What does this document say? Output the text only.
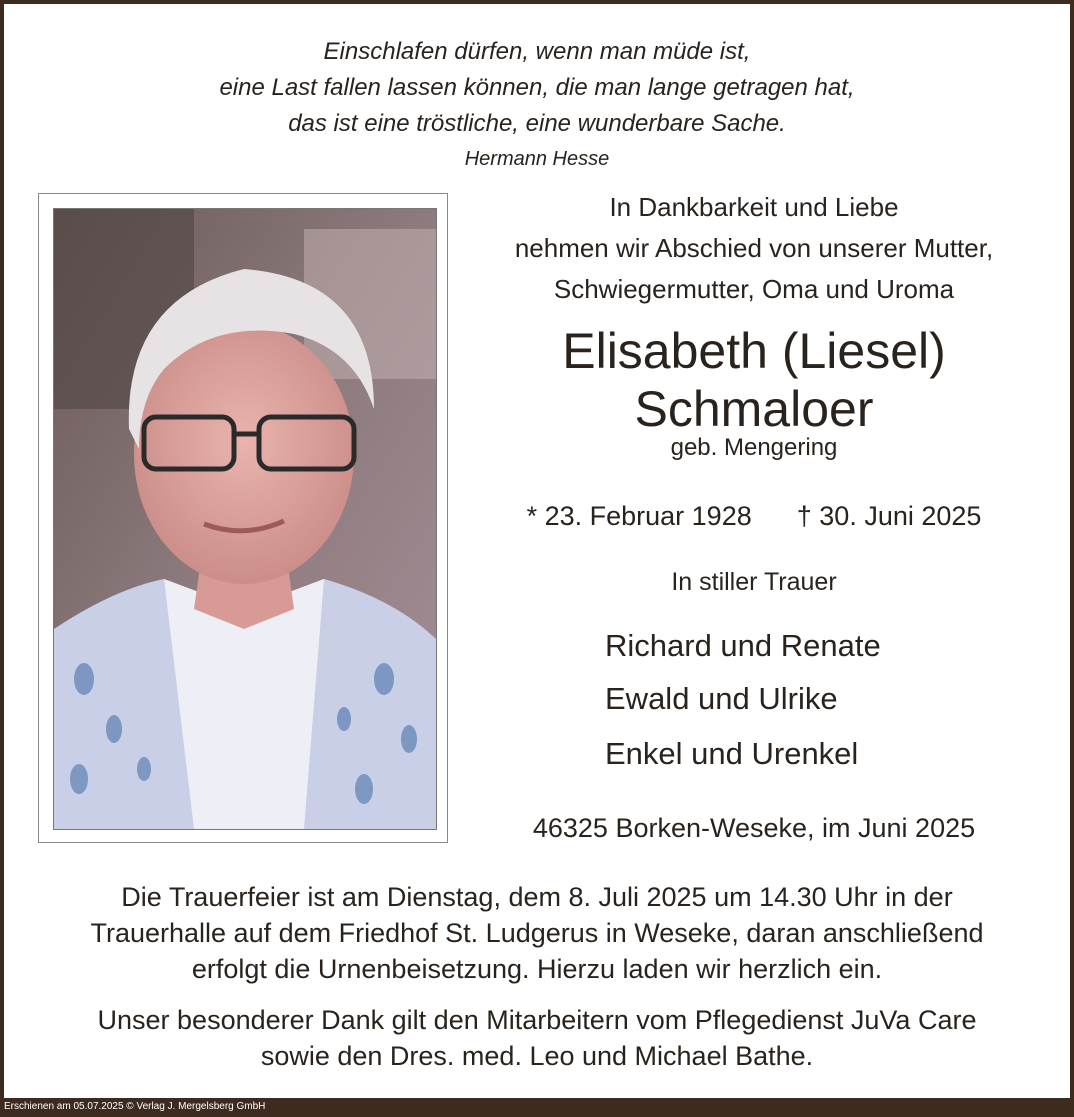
Einschlafen dürfen, wenn man müde ist,
eine Last fallen lassen können, die man lange getragen hat,
das ist eine tröstliche, eine wunderbare Sache.
Hermann Hesse
In Dankbarkeit und Liebe
nehmen wir Abschied von unserer Mutter,
Schwiegermutter, Oma und Uroma
Elisabeth (Liesel)
Schmaloer
geb. Mengering
* 23. Februar 1928 † 30. Juni 2025
In stiller Trauer
Richard und Renate
Ewald und Ulrike
Enkel und Urenkel
46325 Borken-Weseke, im Juni 2025
Die Trauerfeier ist am Dienstag, dem 8. Juli 2025 um 14.30 Uhr in der
Trauerhalle auf dem Friedhof St. Ludgerus in Weseke, daran anschließend
erfolgt die Urnenbeisetzung. Hierzu laden wir herzlich ein.
Unser besonderer Dank gilt den Mitarbeitern vom Pflegedienst JuVa Care
sowie den Dres. med. Leo und Michael Bathe.
Erschienen am 05.07.2025 © Verlag J. Mergelsberg GmbH
